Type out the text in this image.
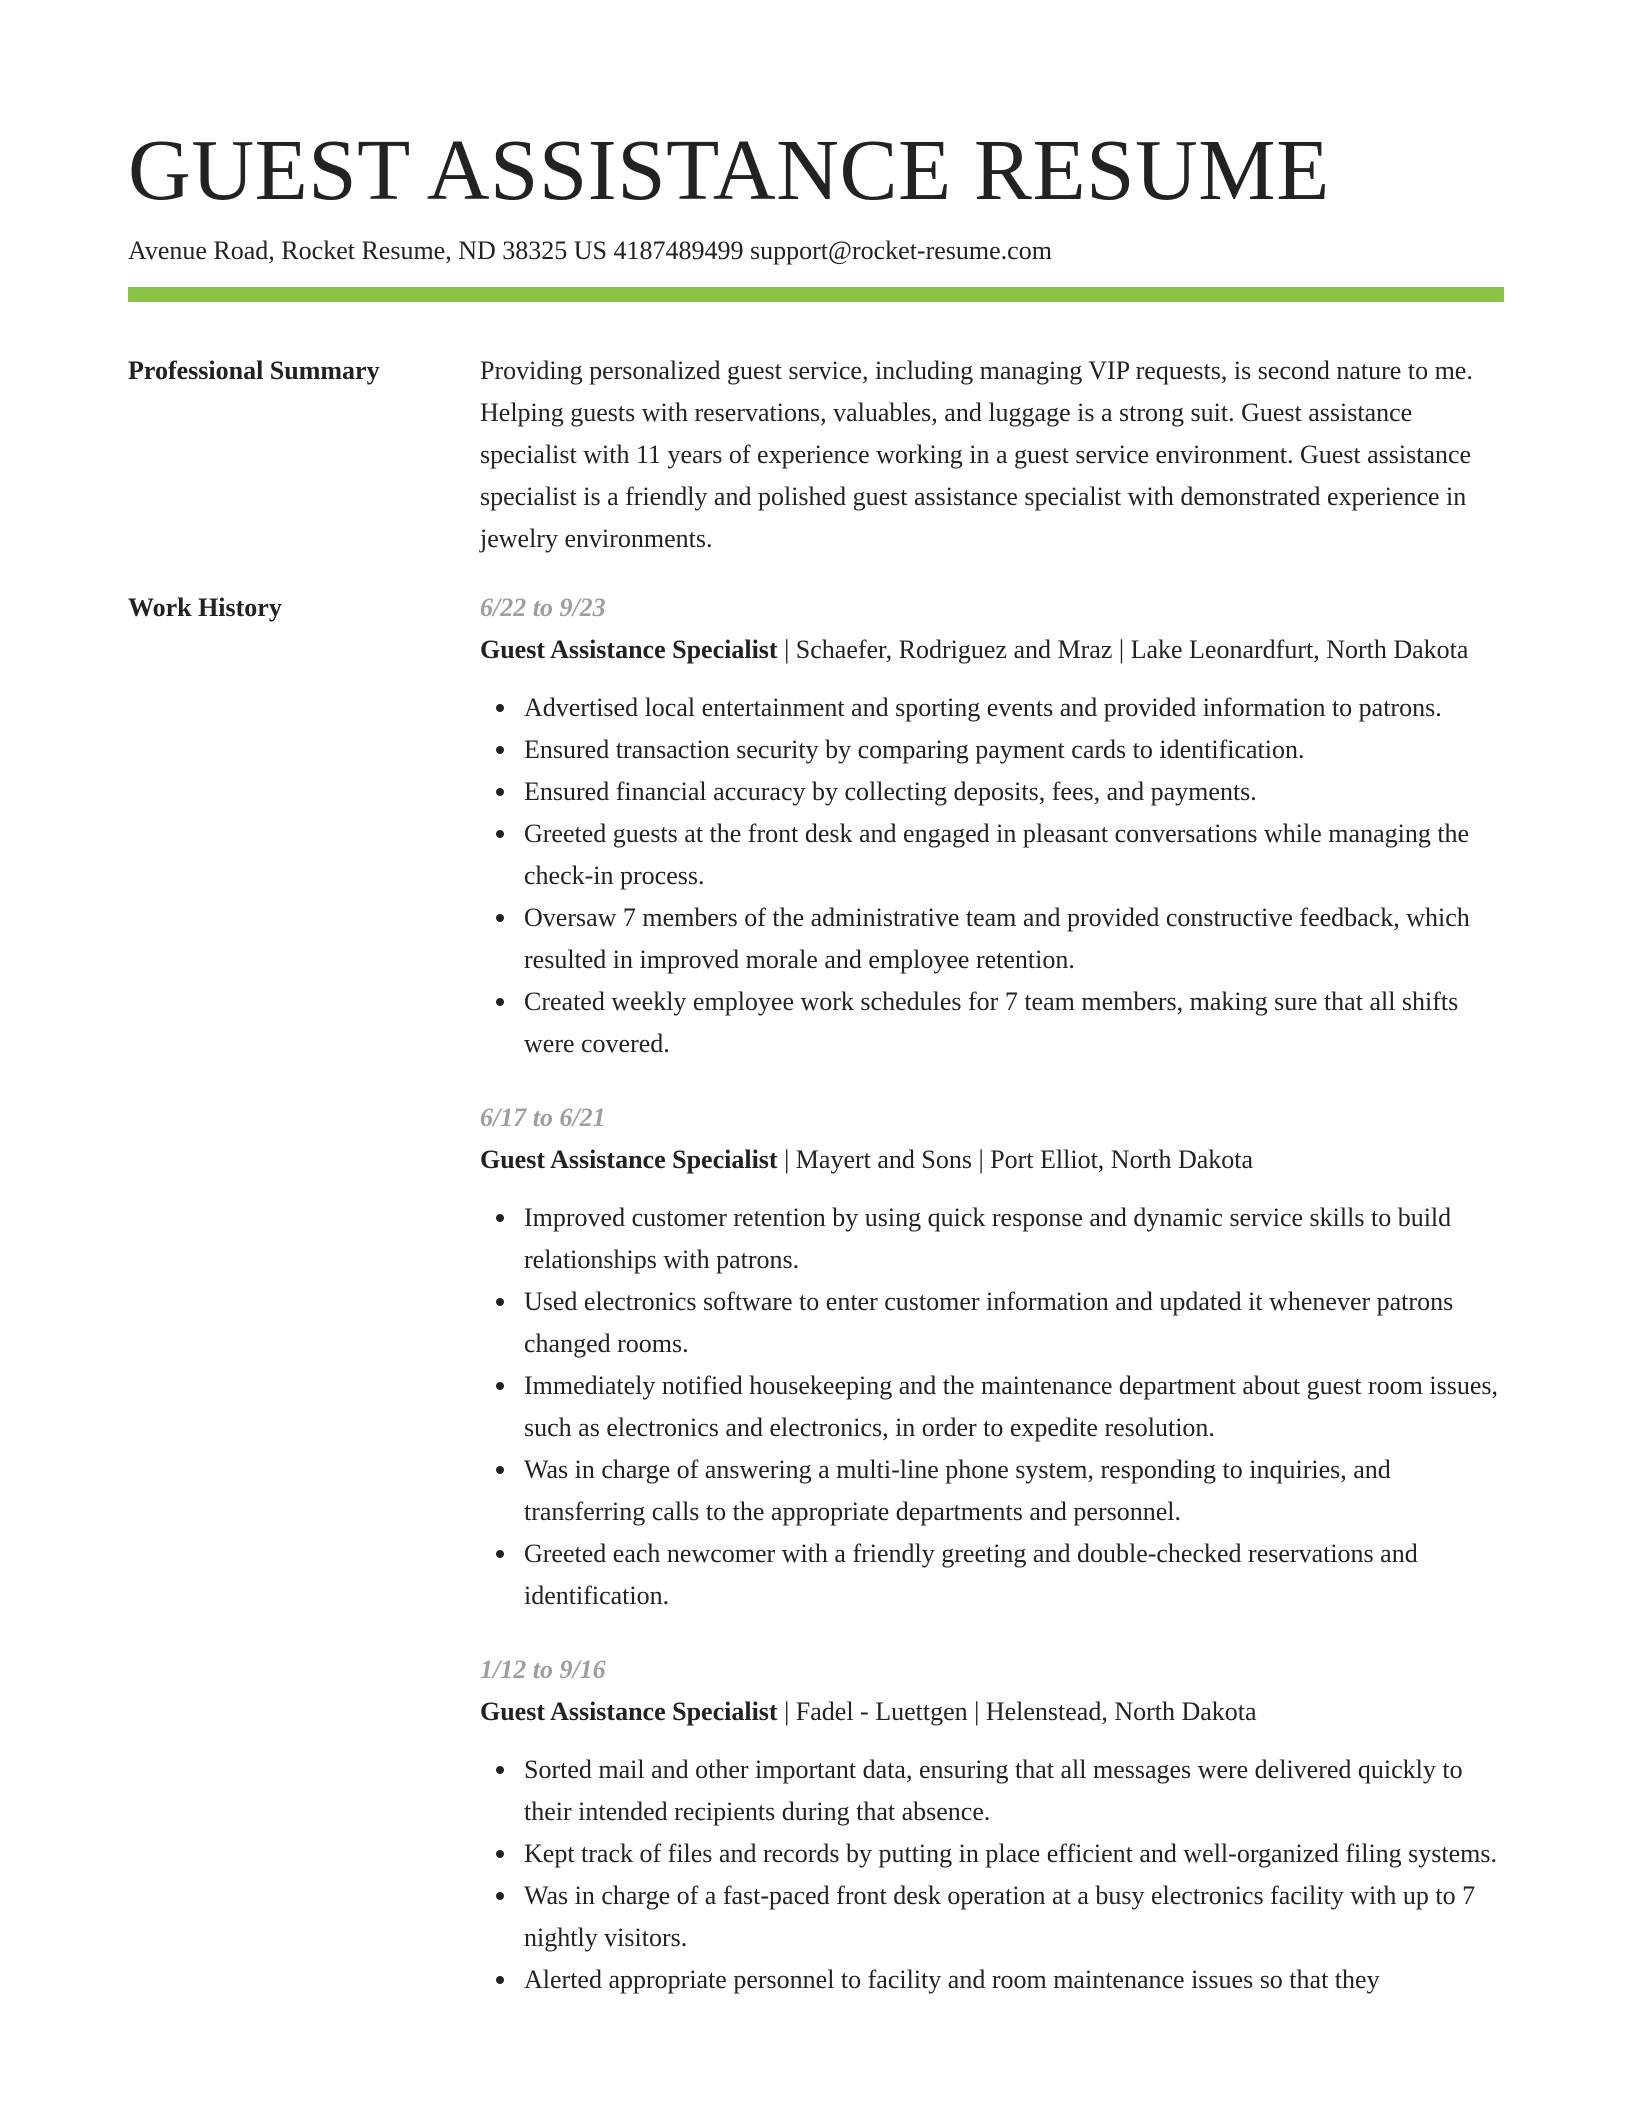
GUEST ASSISTANCE RESUME
Avenue Road, Rocket Resume, ND 38325 US 4187489499 support@rocket-resume.com
Professional Summary	Providing personalized guest service, including managing VIP requests, is second nature to me. Helping guests with reservations, valuables, and luggage is a strong suit. Guest assistance specialist with 11 years of experience working in a guest service environment. Guest assistance specialist is a friendly and polished guest assistance specialist with demonstrated experience in jewelry environments.
Work History	6/22 to 9/23
Guest Assistance Specialist | Schaefer, Rodriguez and Mraz | Lake Leonardfurt, North Dakota
Advertised local entertainment and sporting events and provided information to patrons.
Ensured transaction security by comparing payment cards to identification.
Ensured financial accuracy by collecting deposits, fees, and payments.
Greeted guests at the front desk and engaged in pleasant conversations while managing the check-in process.
Oversaw 7 members of the administrative team and provided constructive feedback, which resulted in improved morale and employee retention.
Created weekly employee work schedules for 7 team members, making sure that all shifts were covered.
6/17 to 6/21
Guest Assistance Specialist | Mayert and Sons | Port Elliot, North Dakota
Improved customer retention by using quick response and dynamic service skills to build relationships with patrons.
Used electronics software to enter customer information and updated it whenever patrons changed rooms.
Immediately notified housekeeping and the maintenance department about guest room issues, such as electronics and electronics, in order to expedite resolution.
Was in charge of answering a multi-line phone system, responding to inquiries, and transferring calls to the appropriate departments and personnel.
Greeted each newcomer with a friendly greeting and double-checked reservations and identification.
1/12 to 9/16
Guest Assistance Specialist | Fadel - Luettgen | Helenstead, North Dakota
Sorted mail and other important data, ensuring that all messages were delivered quickly to their intended recipients during that absence.
Kept track of files and records by putting in place efficient and well-organized filing systems.
Was in charge of a fast-paced front desk operation at a busy electronics facility with up to 7 nightly visitors.
Alerted appropriate personnel to facility and room maintenance issues so that they
